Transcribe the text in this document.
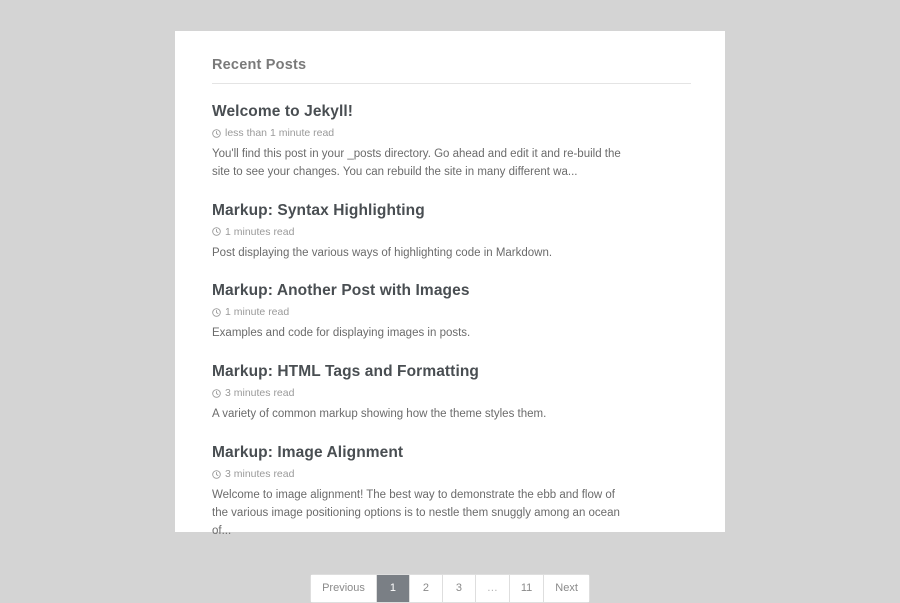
Recent Posts
Welcome to Jekyll!
less than 1 minute read

You'll find this post in your _posts directory. Go ahead and edit it and re-build the site to see your changes. You can rebuild the site in many different wa...

Markup: Syntax Highlighting
1 minutes read

Post displaying the various ways of highlighting code in Markdown.

Markup: Another Post with Images
1 minute read

Examples and code for displaying images in posts.

Markup: HTML Tags and Formatting
3 minutes read

A variety of common markup showing how the theme styles them.

Markup: Image Alignment
3 minutes read

Welcome to image alignment! The best way to demonstrate the ebb and flow of the various image positioning options is to nestle them snuggly among an ocean of...

Previous	1	2	3	…	11	Next
